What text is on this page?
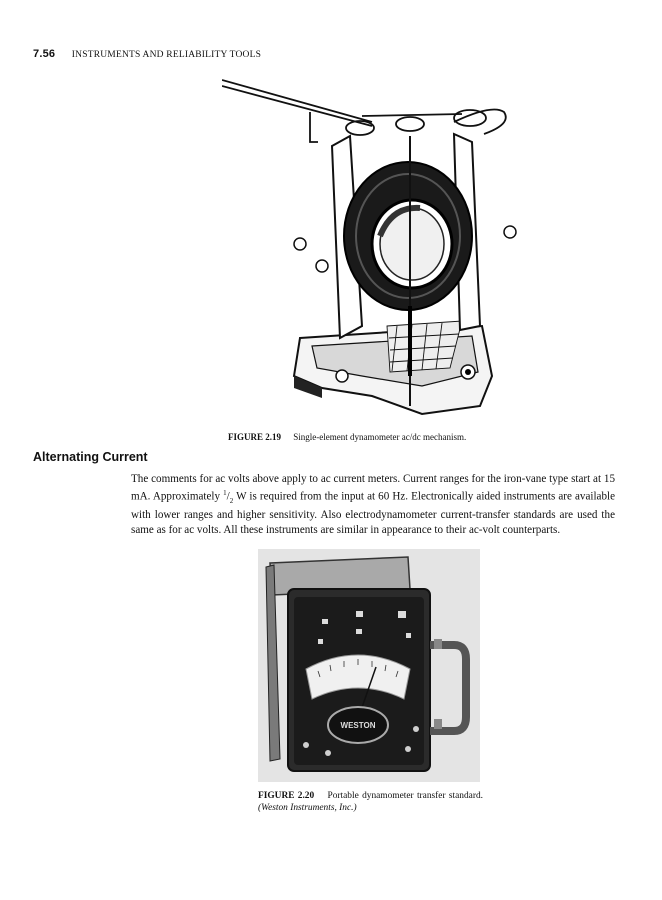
7.56 INSTRUMENTS AND RELIABILITY TOOLS
FIGURE 2.19 Single-element dynamometer ac/dc mechanism.
Alternating Current
The comments for ac volts above apply to ac current meters. Current ranges for the iron-vane type start at 15 mA. Approximately $^1/_2$ W is required from the input at 60 Hz. Electronically aided instruments are available with lower ranges and higher sensitivity. Also electrodynamometer current-transfer standards are used the same as for ac volts. All these instruments are similar in appearance to their ac-volt counterparts.
WESTON
FIGURE 2.20 Portable dynamometer transfer standard. (Weston Instruments, Inc.)
